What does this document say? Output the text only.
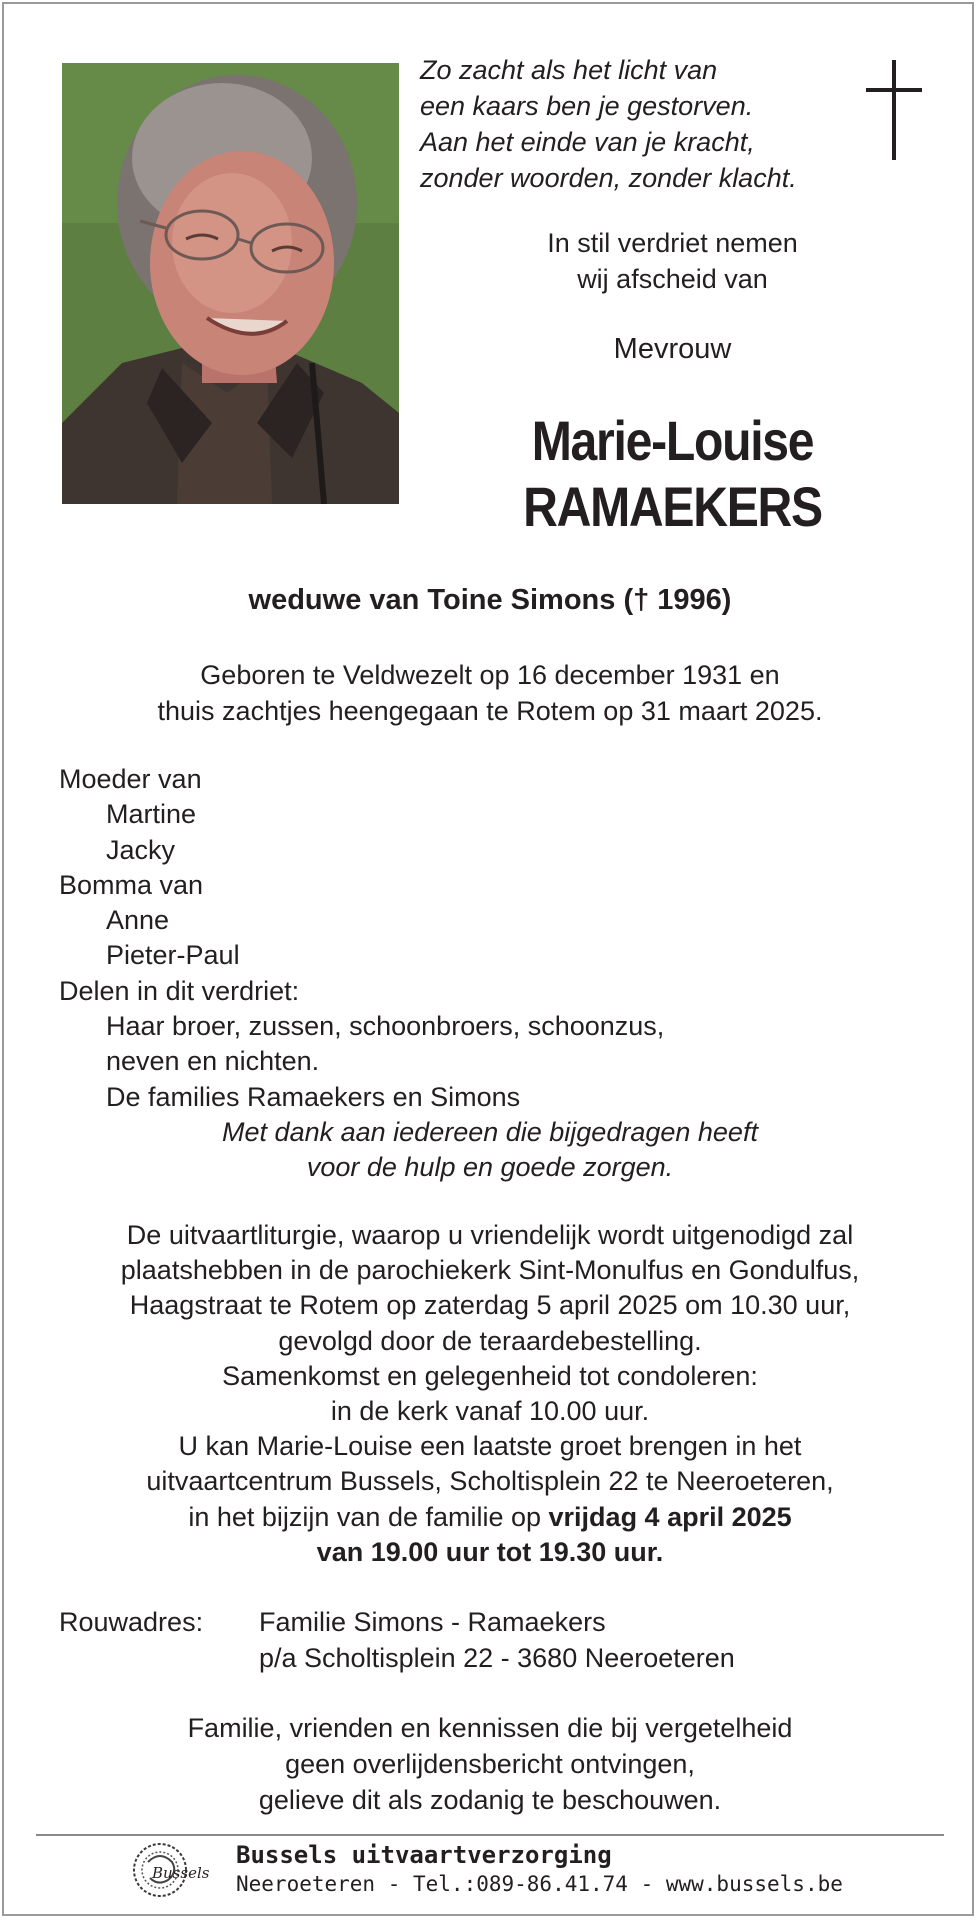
Zo zacht als het licht van
een kaars ben je gestorven.
Aan het einde van je kracht,
zonder woorden, zonder klacht.
In stil verdriet nemen
wij afscheid van
Mevrouw
Marie-Louise
RAMAEKERS
weduwe van Toine Simons († 1996)
Geboren te Veldwezelt op 16 december 1931 en
thuis zachtjes heengegaan te Rotem op 31 maart 2025.
Moeder van
Martine
Jacky
Bomma van
Anne
Pieter-Paul
Delen in dit verdriet:
Haar broer, zussen, schoonbroers, schoonzus,
neven en nichten.
De families Ramaekers en Simons
Met dank aan iedereen die bijgedragen heeft
voor de hulp en goede zorgen.
De uitvaartliturgie, waarop u vriendelijk wordt uitgenodigd zal
plaatshebben in de parochiekerk Sint-Monulfus en Gondulfus,
Haagstraat te Rotem op zaterdag 5 april 2025 om 10.30 uur,
gevolgd door de teraardebestelling.
Samenkomst en gelegenheid tot condoleren:
in de kerk vanaf 10.00 uur.
U kan Marie-Louise een laatste groet brengen in het
uitvaartcentrum Bussels, Scholtisplein 22 te Neeroeteren,
in het bijzijn van de familie op vrijdag 4 april 2025
van 19.00 uur tot 19.30 uur.
Rouwadres:	Familie Simons - Ramaekers
p/a Scholtisplein 22 - 3680 Neeroeteren
Familie, vrienden en kennissen die bij vergetelheid
geen overlijdensbericht ontvingen,
gelieve dit als zodanig te beschouwen.
Bussels
Bussels uitvaartverzorging
Neeroeteren - Tel.:089-86.41.74 - www.bussels.be
